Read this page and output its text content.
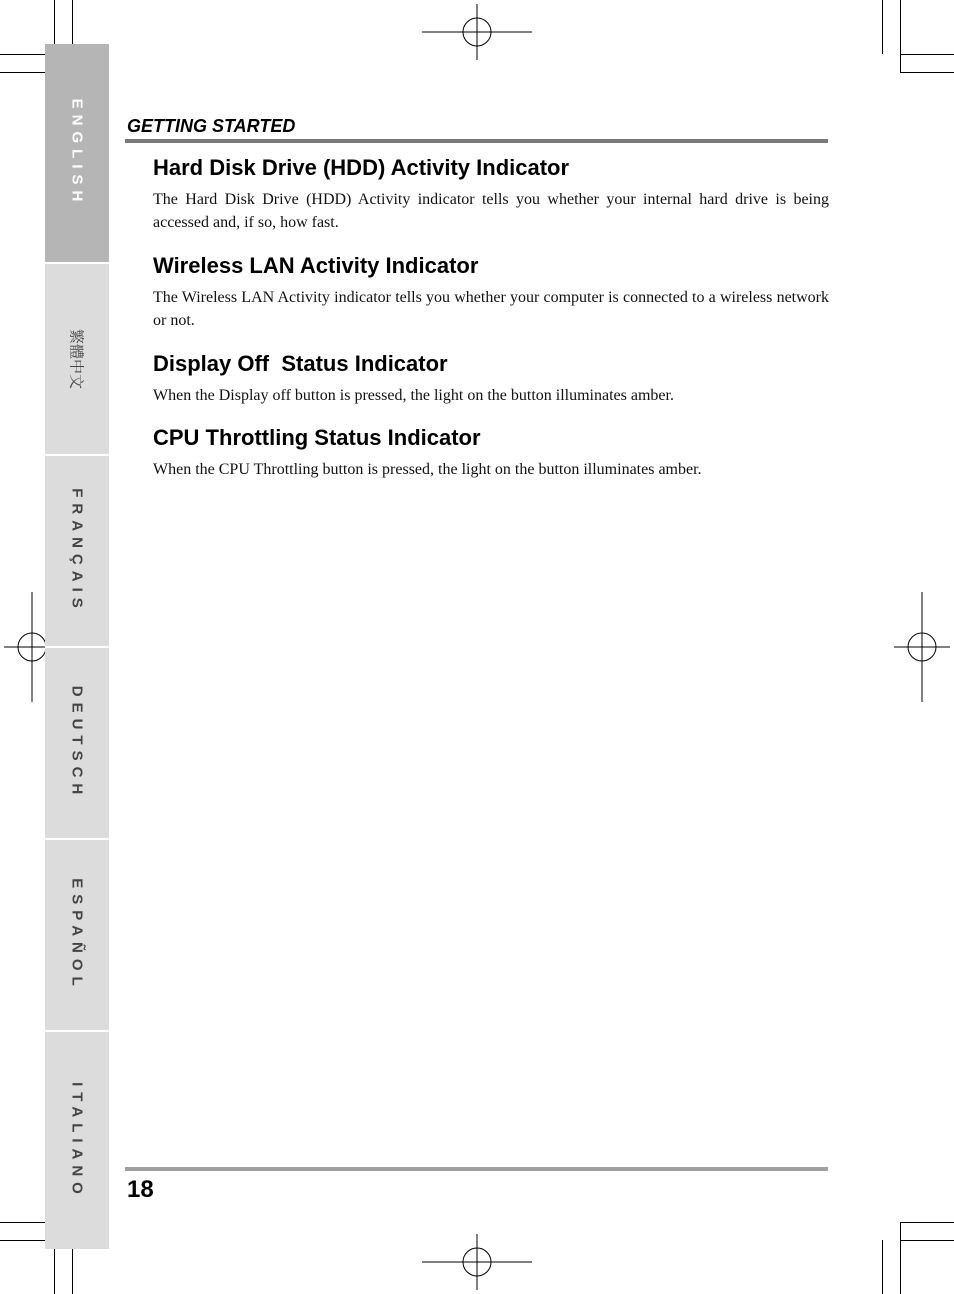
ENGLISH
繁體中文
FRANÇAIS
DEUTSCH
ESPAÑOL
ITALIANO
GETTING STARTED
Hard Disk Drive (HDD) Activity Indicator

The Hard Disk Drive (HDD) Activity indicator tells you whether your internal hard drive is being accessed and, if so, how fast.

Wireless LAN Activity Indicator

The Wireless LAN Activity indicator tells you whether your computer is connected to a wireless network or not.

Display Off  Status Indicator

When the Display off button is pressed, the light on the button illuminates amber.

CPU Throttling Status Indicator

When the CPU Throttling button is pressed, the light on the button illuminates amber.

18
